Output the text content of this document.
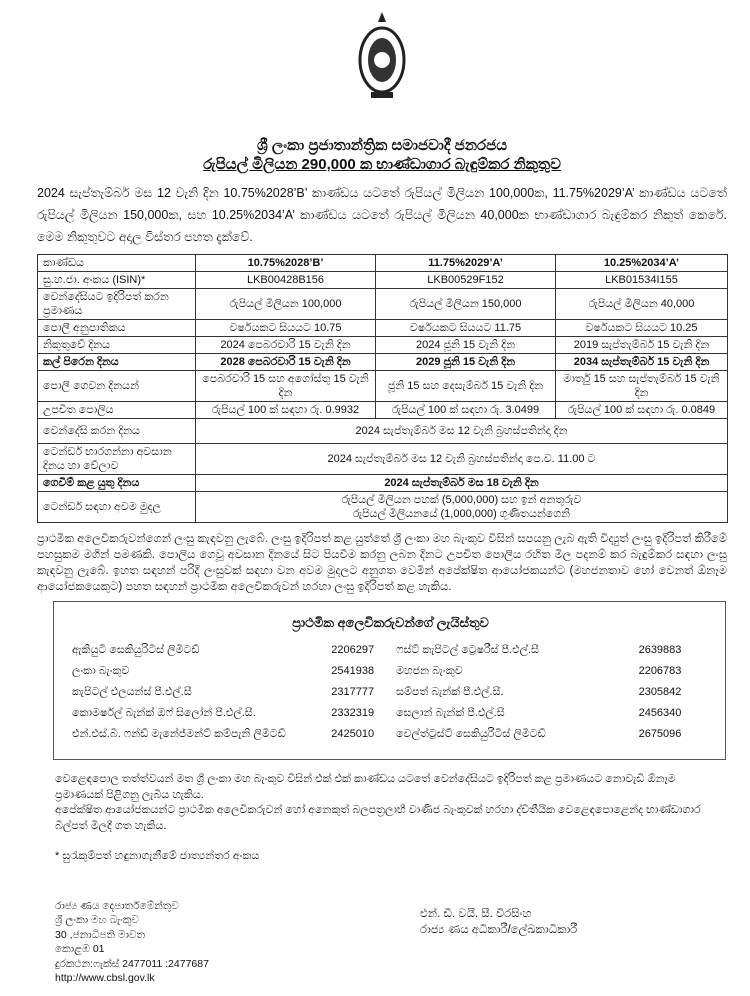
ශ්‍රී ලංකා ප්‍රජාතාන්ත්‍රික සමාජවාදී ජනරජය
රුපියල් මිලියන 290,000 ක භාණ්ඩාගාර බැඳුම්කර නිකුතුව
2024 සැප්තැම්බර් මස 12 වැනි දින 10.75%2028’B’ කාණ්ඩය යටතේ රුපියල් මිලියන 100,000ක, 11.75%2029’A’ කාණ්ඩය යටතේ රුපියල් මිලියන 150,000ක, සහ 10.25%2034’A’ කාණ්ඩය යටතේ රුපියල් මිලියන 40,000ක භාණ්ඩාගාර බැඳුම්කර නිකුත් කෙරේ. මෙම නිකුතුවට අදාල විස්තර පහත දැක්වේ.
කාණ්ඩය	10.75%2028’B’	11.75%2029’A’	10.25%2034’A’
සු.හ.ජා. අංකය (ISIN)*	LKB00428B156	LKB00529F152	LKB01534I155
වෙන්දේසියට ඉදිරිපත් කරන ප්‍රමාණය	රුපියල් මිලියන 100,000	රුපියල් මිලියන 150,000	රුපියල් මිලියන 40,000
පොලී අනුපාතිකය	වර්ෂයකට සියයට 10.75	වර්ෂයකට සියයට 11.75	වර්ෂයකට සියයට 10.25
නිකුතුවේ දිනය	2024 පෙබරවාරි 15 වැනි දින	2024 ජූනි 15 වැනි දින	2019 සැප්තැම්බර් 15 වැනි දින
කල් පිරෙන දිනය	2028 පෙබරවාරි 15 වැනි දින	2029 ජූනි 15 වැනි දින	2034 සැප්තැම්බර් 15 වැනි දින
පොලී ගෙවන දිනයන්	පෙබරවාරි 15 සහ අගෝස්තු 15 වැනි දින	ජූනි 15 සහ දෙසැම්බර් 15 වැනි දින	මාර්තු 15 සහ සැප්තැම්බර් 15 වැනි දින
උපචිත පොලිය	රුපියල් 100 ක් සඳහා රු. 0.9932	රුපියල් 100 ක් සඳහා රු. 3.0499	රුපියල් 100 ක් සඳහා රු. 0.0849
වෙන්දේසි කරන දිනය	2024 සැප්තැම්බර් මස 12 වැනි බ්‍රහස්පතින්දා දින		
ටෙන්ඩර් භාරගන්නා අවසාන දිනය හා වේලාව	2024 සැප්තැම්බර් මස 12 වැනි බ්‍රහස්පතින්දා පෙ.ව. 11.00 ට		
ගෙවීම් කළ යුතු දිනය	2024 සැප්තැම්බර් මස 18 වැනි දින		
ටෙන්ඩර් සඳහා අවම මුදල	රුපියල් මිලියන පහක් (5,000,000) සහ ඉන් අනතුරුව
රුපියල් මිලියනයේ (1,000,000) ගුණිතයන්ගෙනි		
ප්‍රාථමික අලෙවිකරුවන්ගෙන් ලංසු කැඳවනු ලැබේ. ලංසු ඉදිරිපත් කළ යුත්තේ ශ්‍රී ලංකා මහ බැංකුව විසින් සපයනු ලැබ ඇති විද්‍යුත් ලංසු ඉදිරිපත් කිරීමේ පහසුකම මගින් පමණකි. පොලිය ගෙවූ අවසාන දිනයේ සිට පියවීම කරනු ලබන දිනට උපචිත පොලිය රහිත මිල පදනම් කර බැඳුම්කර සඳහා ලංසු කැඳවනු ලැබේ. ඉහත සඳහන් පරිදි ලංසුවක් සඳහා වන අවම මුදලට අනුගත වෙමින් අපේක්ෂිත ආයෝජකයන්ට (මහජනතාව හෝ වෙනත් ඕනෑම ආයෝජකයෙකුට) පහත සඳහන් ප්‍රාථමික අලෙවිකරුවන් හරහා ලංසු ඉදිරිපත් කළ හැකිය.
ප්‍රාථමික අලෙවිකරුවන්ගේ ලැයිස්තුව
ඇකියුටි සෙකියුරිටීස් ලිමිටඩ්	2206297	ෆස්ට් කැපිටල් ට්‍රෙෂරීස් පී.එල්.සී	2639883
ලංකා බැංකුව	2541938	මහජන බැංකුව	2206783
කැපිටල් එලයන්ස් පී.එල්.සී	2317777	සම්පත් බැන්ක් පී.එල්.සී.	2305842
කොමර්ෂල් බැන්ක් ඔෆ් සිලෝන් පී.එල්.සී.	2332319	සෙලාන් බැන්ක් පී.එල්.සී	2456340
එන්.එස්.බී. ෆන්ඩ් මැනේජ්මන්ට් කම්පැනි ලිමිටඩ්	2425010	වෙල්ත්ට්‍රස්ට් සෙකියුරිටීස් ලිමිටඩ්	2675096
වෙළෙඳපොල තත්ත්වයන් මත ශ්‍රී ලංකා මහ බැංකුව විසින් එක් එක් කාණ්ඩය යටතේ වෙන්දේසියට ඉදිරිපත් කළ ප්‍රමාණයට නොවැඩි ඕනෑම ප්‍රමාණයක් පිළිගනු ලැබිය හැකිය.
අපේක්ෂිත ආයෝජකයන්ට ප්‍රාථමික අලෙවිකරුවන් හෝ අනෙකුත් බලපත්‍රලාභී වාණිජ බැංකුවක් හරහා ද්විතීයික වෙළෙඳපොළෙන්ද භාණ්ඩාගාර බිල්පත් මිලදී ගත හැකිය.
* සුරැකුම්පත් හඳුනාගැනීමේ ජාත්‍යන්තර අංකය
රාජ්‍ය ණය දෙපාර්තමේන්තුව
ශ්‍රී ලංකා මහ බැංකුව
30 ,ජනාධිපති මාවත
කොළඹ 01
දුරකථන:ෆැක්ස් 2477011 :2477687
http://www.cbsl.gov.lk
එන්. ඩී. වයි. සී. වීරසිංහ
රාජ්‍ය ණය අධිකාරී/ලේඛකාධිකාරී
